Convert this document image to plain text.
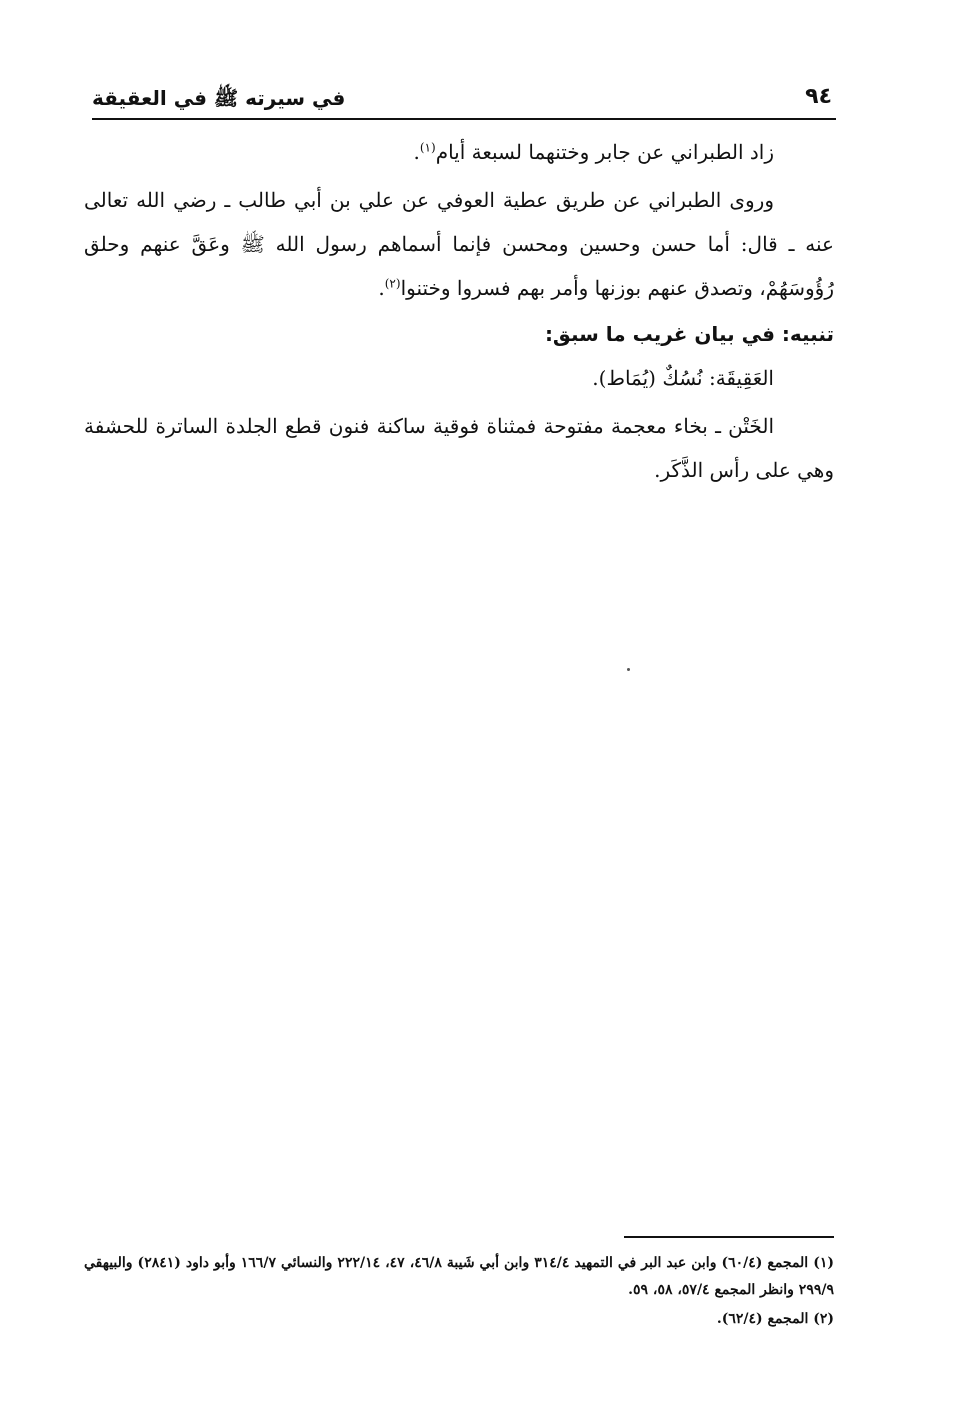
٩٤
في سيرته ﷺ في العقيقة

زاد الطبراني عن جابر وختنهما لسبعة أيام$^{(١)}$.

وروى الطبراني عن طريق عطية العوفي عن علي بن أبي طالب ـ رضي الله تعالى عنه ـ قال: أما حسن وحسين ومحسن فإنما أسماهم رسول الله ﷺ وعَقَّ عنهم وحلق رُؤُوسَهُمْ، وتصدق عنهم بوزنها وأمر بهم فسروا وختنوا$^{(٢)}$.

تنبيه: في بيان غريب ما سبق:

العَقِيقَة: نُسُكٌ (يُمَاط).

الخَتْن ـ بخاء معجمة مفتوحة فمثناة فوقية ساكنة فنون قطع الجلدة الساترة للحشفة وهي على رأس الذَّكَر.

(١) المجمع (٦٠/٤) وابن عبد البر في التمهيد ٣١٤/٤ وابن أبي شَيبة ٤٦/٨، ٤٧، ٢٢٢/١٤ والنسائي ١٦٦/٧ وأبو داود (٢٨٤١) والبيهقي ٢٩٩/٩ وانظر المجمع ٥٧/٤، ٥٨، ٥٩.

(٢) المجمع (٦٢/٤).
